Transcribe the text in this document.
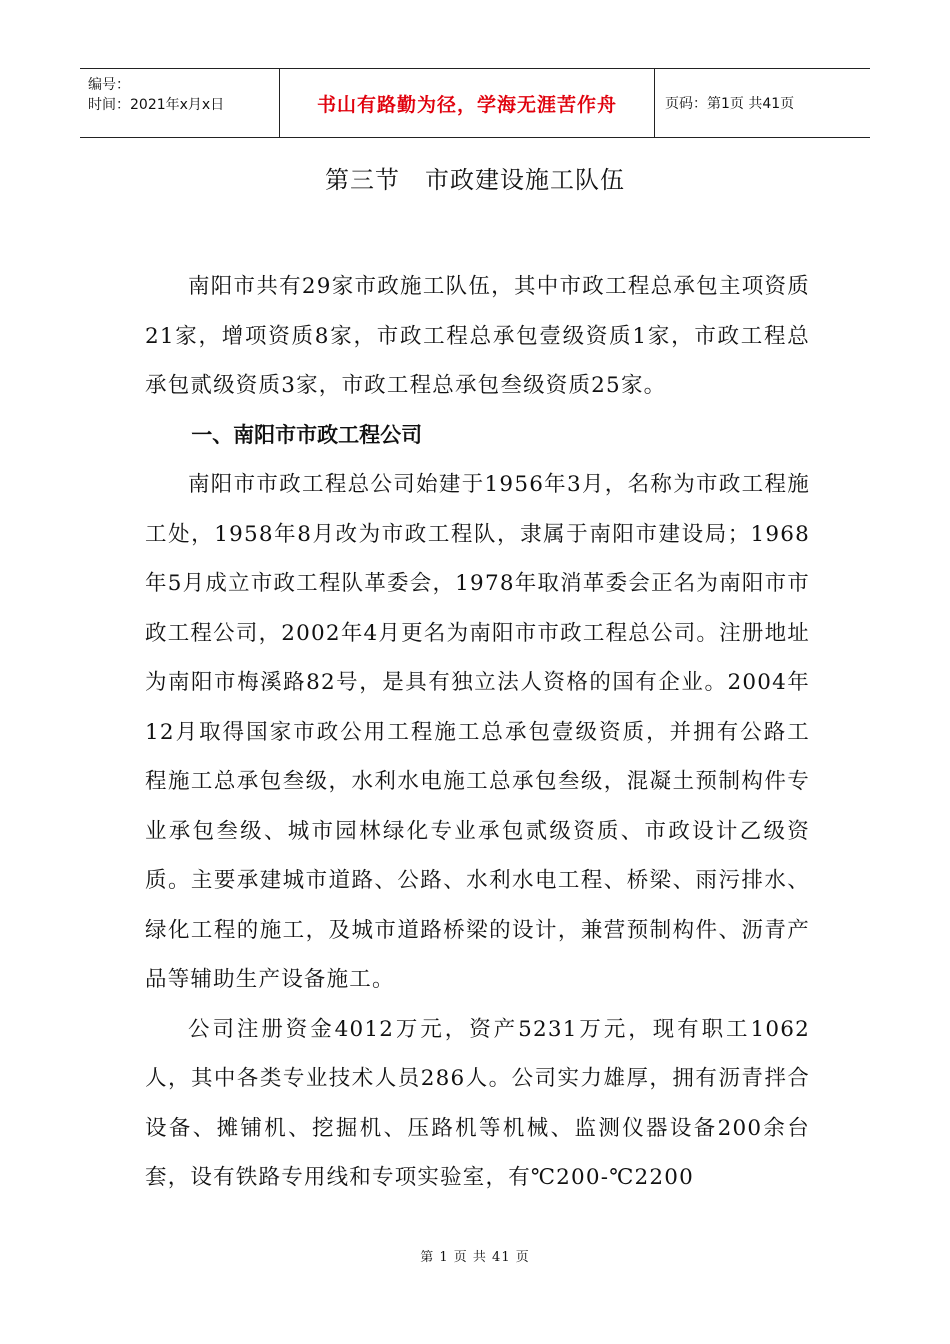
编号：
时间：2021年x月x日	书山有路勤为径，学海无涯苦作舟	页码：第1页 共41页
第三节　市政建设施工队伍

南阳市共有29家市政施工队伍，其中市政工程总承包主项资质21家，增项资质8家，市政工程总承包壹级资质1家，市政工程总承包贰级资质3家，市政工程总承包叁级资质25家。

一、南阳市市政工程公司

南阳市市政工程总公司始建于1956年3月，名称为市政工程施工处，1958年8月改为市政工程队，隶属于南阳市建设局；1968年5月成立市政工程队革委会，1978年取消革委会正名为南阳市市政工程公司，2002年4月更名为南阳市市政工程总公司。注册地址为南阳市梅溪路82号，是具有独立法人资格的国有企业。2004年12月取得国家市政公用工程施工总承包壹级资质，并拥有公路工程施工总承包叁级，水利水电施工总承包叁级，混凝土预制构件专业承包叁级、城市园林绿化专业承包贰级资质、市政设计乙级资质。主要承建城市道路、公路、水利水电工程、桥梁、雨污排水、绿化工程的施工，及城市道路桥梁的设计，兼营预制构件、沥青产品等辅助生产设备施工。

公司注册资金4012万元，资产5231万元，现有职工1062人，其中各类专业技术人员286人。公司实力雄厚，拥有沥青拌合设备、摊铺机、挖掘机、压路机等机械、监测仪器设备200余台套，设有铁路专用线和专项实验室，有℃200-℃2200

第 1 页 共 41 页
